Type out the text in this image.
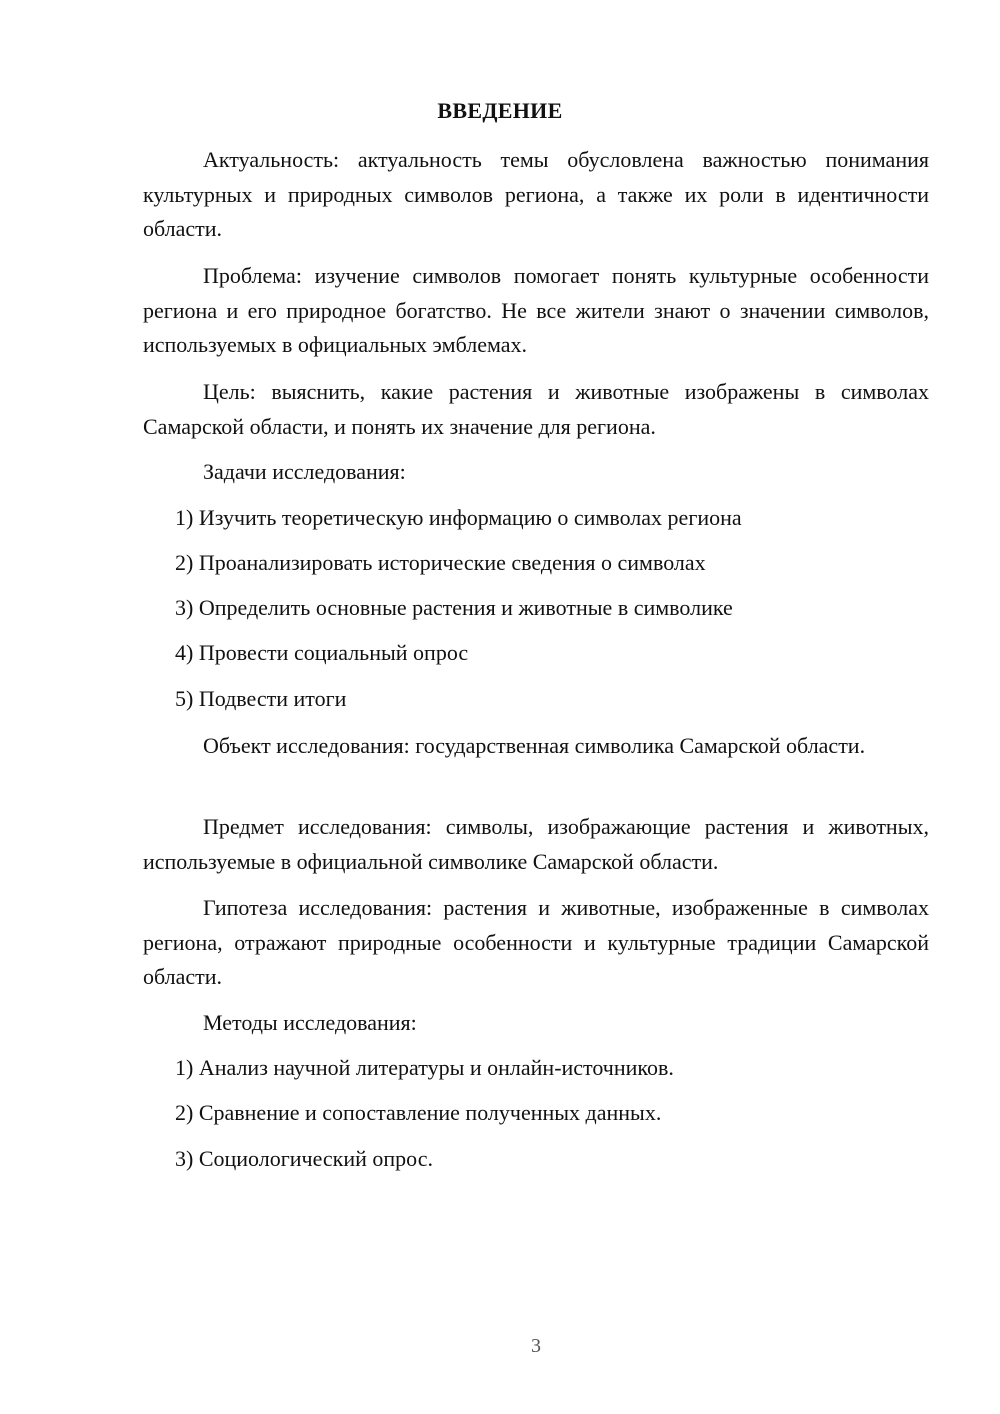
ВВЕДЕНИЕ
Актуальность: актуальность темы обусловлена важностью понимания культурных и природных символов региона, а также их роли в идентичности области.
Проблема: изучение символов помогает понять культурные особенности региона и его природное богатство. Не все жители знают о значении символов, используемых в официальных эмблемах.
Цель: выяснить, какие растения и животные изображены в символах Самарской области, и понять их значение для региона.
Задачи исследования:
1) Изучить теоретическую информацию о символах региона
2) Проанализировать исторические сведения о символах
3) Определить основные растения и животные в символике
4) Провести социальный опрос
5) Подвести итоги
Объект исследования: государственная символика Самарской области.
Предмет исследования: символы, изображающие растения и животных, используемые в официальной символике Самарской области.
Гипотеза исследования: растения и животные, изображенные в символах региона, отражают природные особенности и культурные традиции Самарской области.
Методы исследования:
1) Анализ научной литературы и онлайн-источников.
2) Сравнение и сопоставление полученных данных.
3) Социологический опрос.
3
